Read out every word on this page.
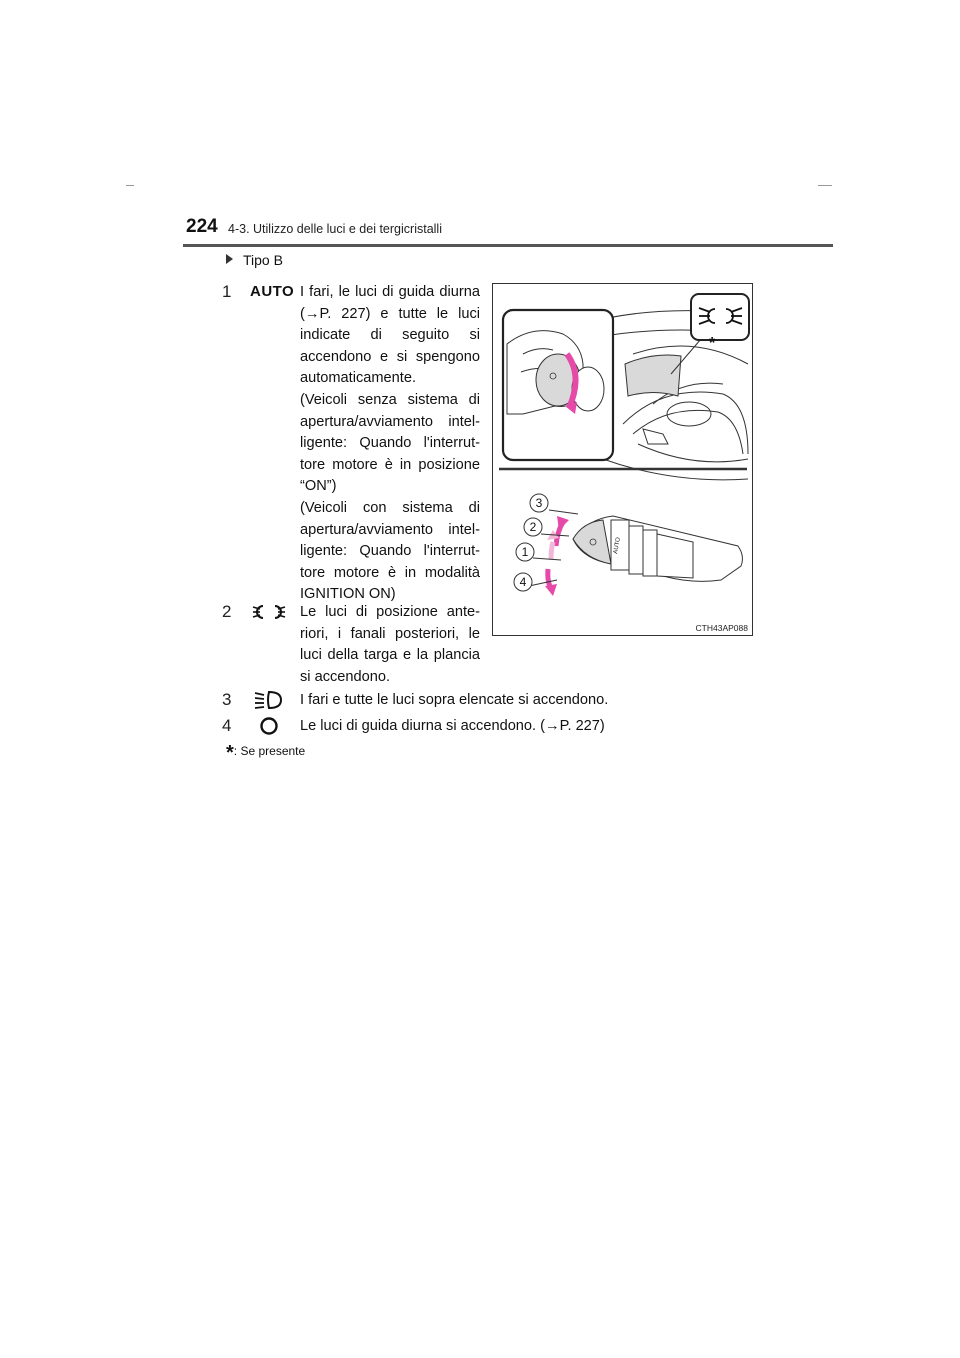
224 4-3. Utilizzo delle luci e dei tergicristalli
Tipo B
1 AUTO I fari, le luci di guida diurna (→P. 227) e tutte le luci indicate di seguito si accendono e si spengono automaticamente.
(Veicoli senza sistema di apertura/avviamento intel-ligente: Quando l'interrut-tore motore è in posizione “ON”)
(Veicoli con sistema di apertura/avviamento intel-ligente: Quando l'interrut-tore motore è in modalità IGNITION ON)
2	Le luci di posizione ante-riori, i fanali posteriori, le luci della targa e la plancia si accendono.
3	I fari e tutte le luci sopra elencate si accendono.
4	Le luci di guida diurna si accendono. (→P. 227)
*: Se presente
*
AUTO
3
2
1
4
CTH43AP088
